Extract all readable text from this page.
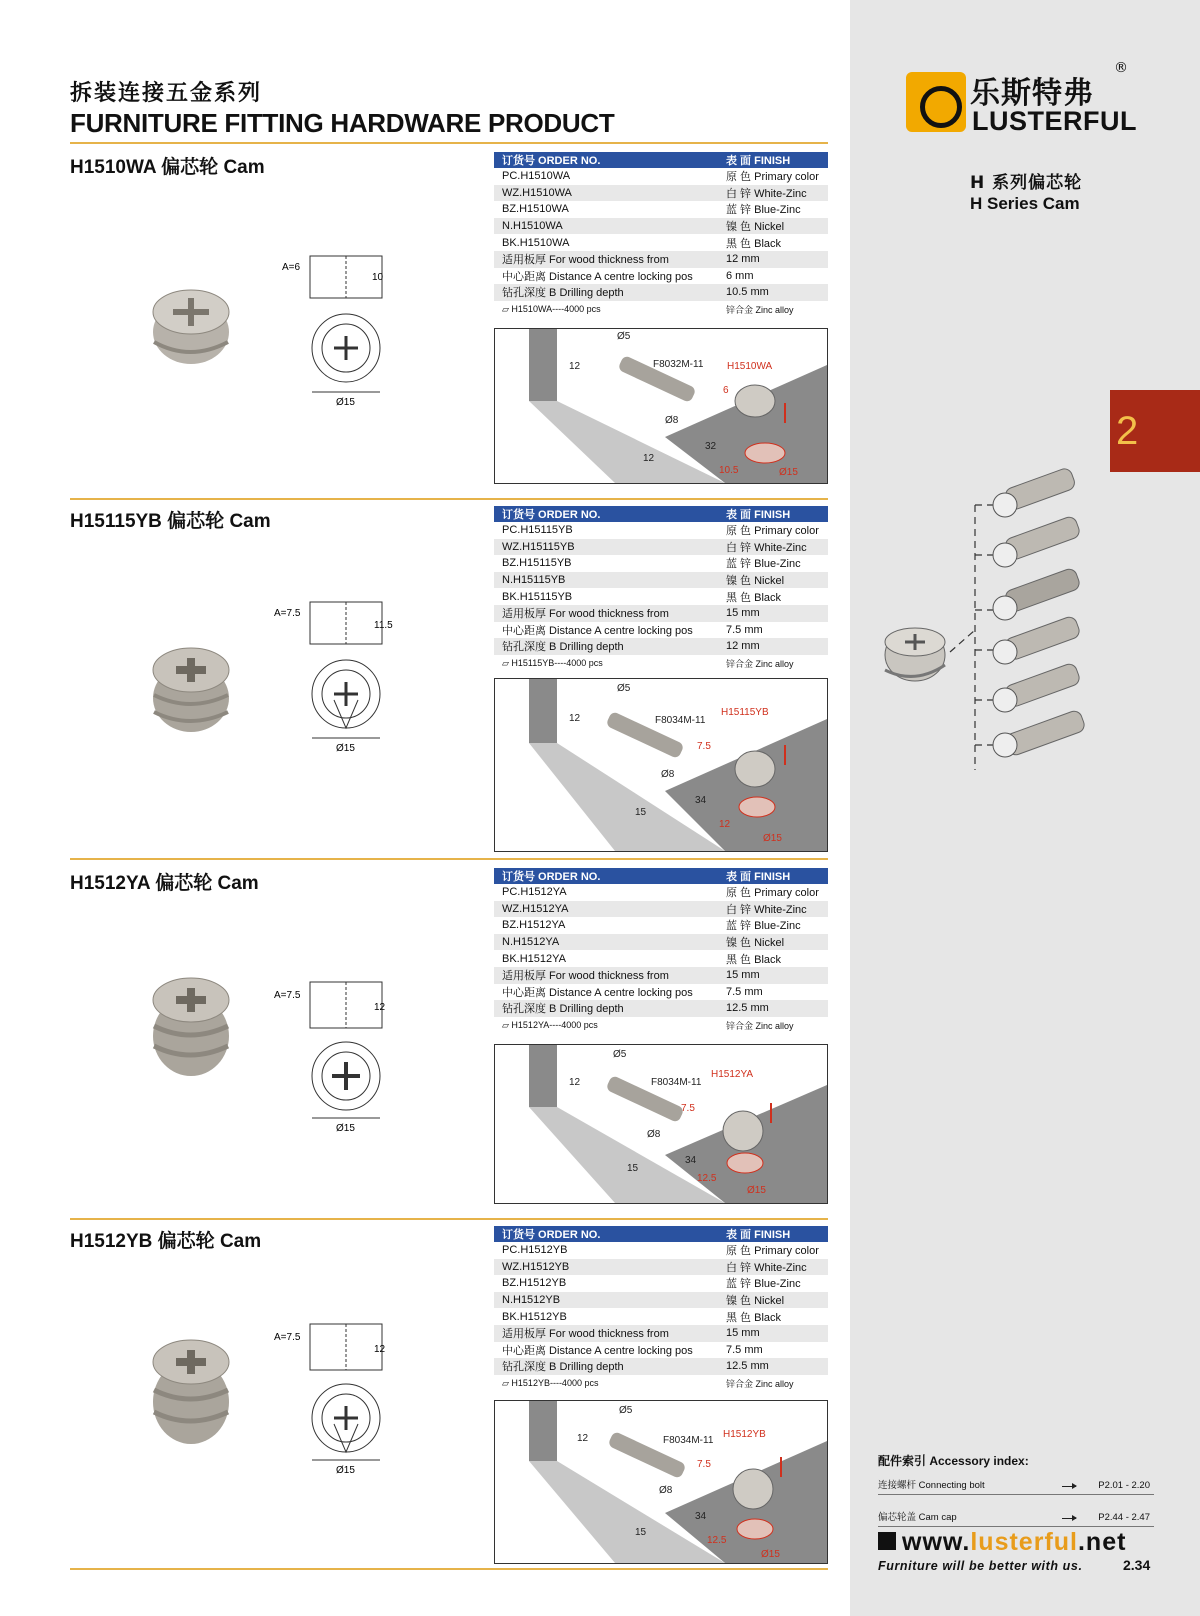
拆装连接五金系列
FURNITURE FITTING HARDWARE PRODUCT
乐斯特弗
LUSTERFUL
®
H 系列偏芯轮
H Series Cam
2
H1510WA 偏芯轮 Cam	订货号 ORDER NO.	表 面 FINISH
PC.H1510WA	原 色 Primary color
WZ.H1510WA	白 锌 White-Zinc
BZ.H1510WA	蓝 锌 Blue-Zinc
N.H1510WA	镍 色 Nickel
BK.H1510WA	黑 色 Black
适用板厚 For wood thickness from	12 mm
中心距离 Distance A centre locking pos	6 mm
钻孔深度 B Drilling depth	10.5 mm
▱ H1510WA----4000 pcs	锌合金 Zinc alloy
A=6
10
Ø15
Ø5
12	F8032M-11 H1510WA
6
Ø8
32
12
10.5	Ø15
H15115YB 偏芯轮 Cam	订货号 ORDER NO.	表 面 FINISH
PC.H15115YB	原 色 Primary color
WZ.H15115YB	白 锌 White-Zinc
BZ.H15115YB	蓝 锌 Blue-Zinc
N.H15115YB	镍 色 Nickel
BK.H15115YB	黑 色 Black
适用板厚 For wood thickness from	15 mm
中心距离 Distance A centre locking pos	7.5 mm
钻孔深度 B Drilling depth	12 mm
▱ H15115YB----4000 pcs	锌合金 Zinc alloy
A=7.5
11.5
Ø15
Ø5
12	F8034M-11
H15115YB
7.5
Ø8
34
15
12
Ø15
H1512YA 偏芯轮 Cam	订货号 ORDER NO.	表 面 FINISH
PC.H1512YA	原 色 Primary color
WZ.H1512YA	白 锌 White-Zinc
BZ.H1512YA	蓝 锌 Blue-Zinc
N.H1512YA	镍 色 Nickel
BK.H1512YA	黑 色 Black
适用板厚 For wood thickness from	15 mm
中心距离 Distance A centre locking pos	7.5 mm
钻孔深度 B Drilling depth	12.5 mm
▱ H1512YA----4000 pcs	锌合金 Zinc alloy
A=7.5
12
Ø15
Ø5
12	F8034M-11
H1512YA
7.5
Ø8
34
15
12.5
Ø15
H1512YB 偏芯轮 Cam	订货号 ORDER NO.	表 面 FINISH
PC.H1512YB	原 色 Primary color
WZ.H1512YB	白 锌 White-Zinc
BZ.H1512YB	蓝 锌 Blue-Zinc
N.H1512YB	镍 色 Nickel
BK.H1512YB	黑 色 Black
适用板厚 For wood thickness from	15 mm
中心距离 Distance A centre locking pos	7.5 mm
钻孔深度 B Drilling depth	12.5 mm
▱ H1512YB----4000 pcs	锌合金 Zinc alloy
A=7.5
12
Ø15
Ø5
12	F8034M-11
H1512YB
7.5
Ø8
34
15
12.5
Ø15
配件索引 Accessory index:
连接螺杆 Connecting bolt	P2.01 - 2.20
偏芯轮盖 Cam cap	P2.44 - 2.47
www.lusterful.net
Furniture will be better with us.	2.34
